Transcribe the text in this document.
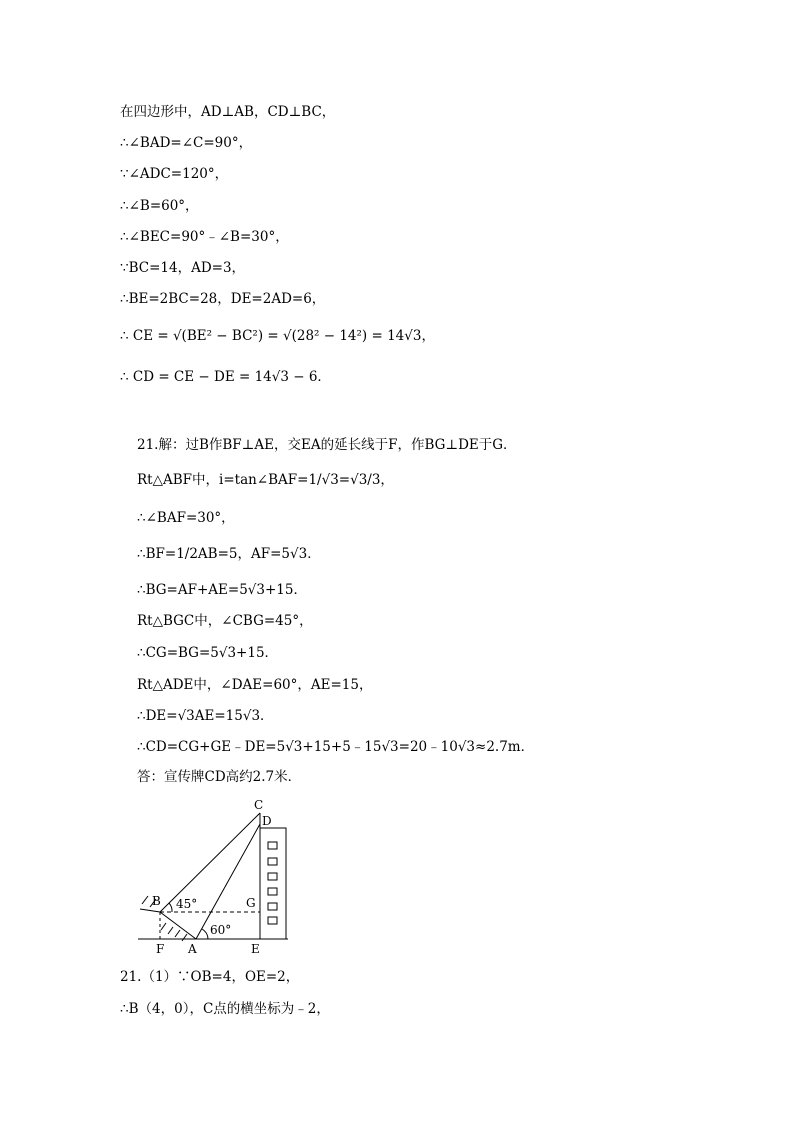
在四边形中，AD⊥AB，CD⊥BC，
∴∠BAD=∠C=90°，
∵∠ADC=120°，
∴∠B=60°，
∴∠BEC=90°﹣∠B=30°，
∵BC=14，AD=3，
∴BE=2BC=28，DE=2AD=6，
∴ CE = √(BE² − BC²) = √(28² − 14²) = 14√3，
∴ CD = CE − DE = 14√3 − 6．
21.解：过B作BF⊥AE，交EA的延长线于F，作BG⊥DE于G．
Rt△ABF中，i=tan∠BAF=1/√3=√3/3，
∴∠BAF=30°，
∴BF=1/2AB=5，AF=5√3．
∴BG=AF+AE=5√3+15．
Rt△BGC中，∠CBG=45°，
∴CG=BG=5√3+15．
Rt△ADE中，∠DAE=60°，AE=15，
∴DE=√3AE=15√3．
∴CD=CG+GE﹣DE=5√3+15+5﹣15√3=20﹣10√3≈2.7m．
答：宣传牌CD高约2.7米．
C
D
B	G
F A	E
45°
60°
21.（1）∵OB=4，OE=2，
∴B（4，0），C点的横坐标为﹣2，
